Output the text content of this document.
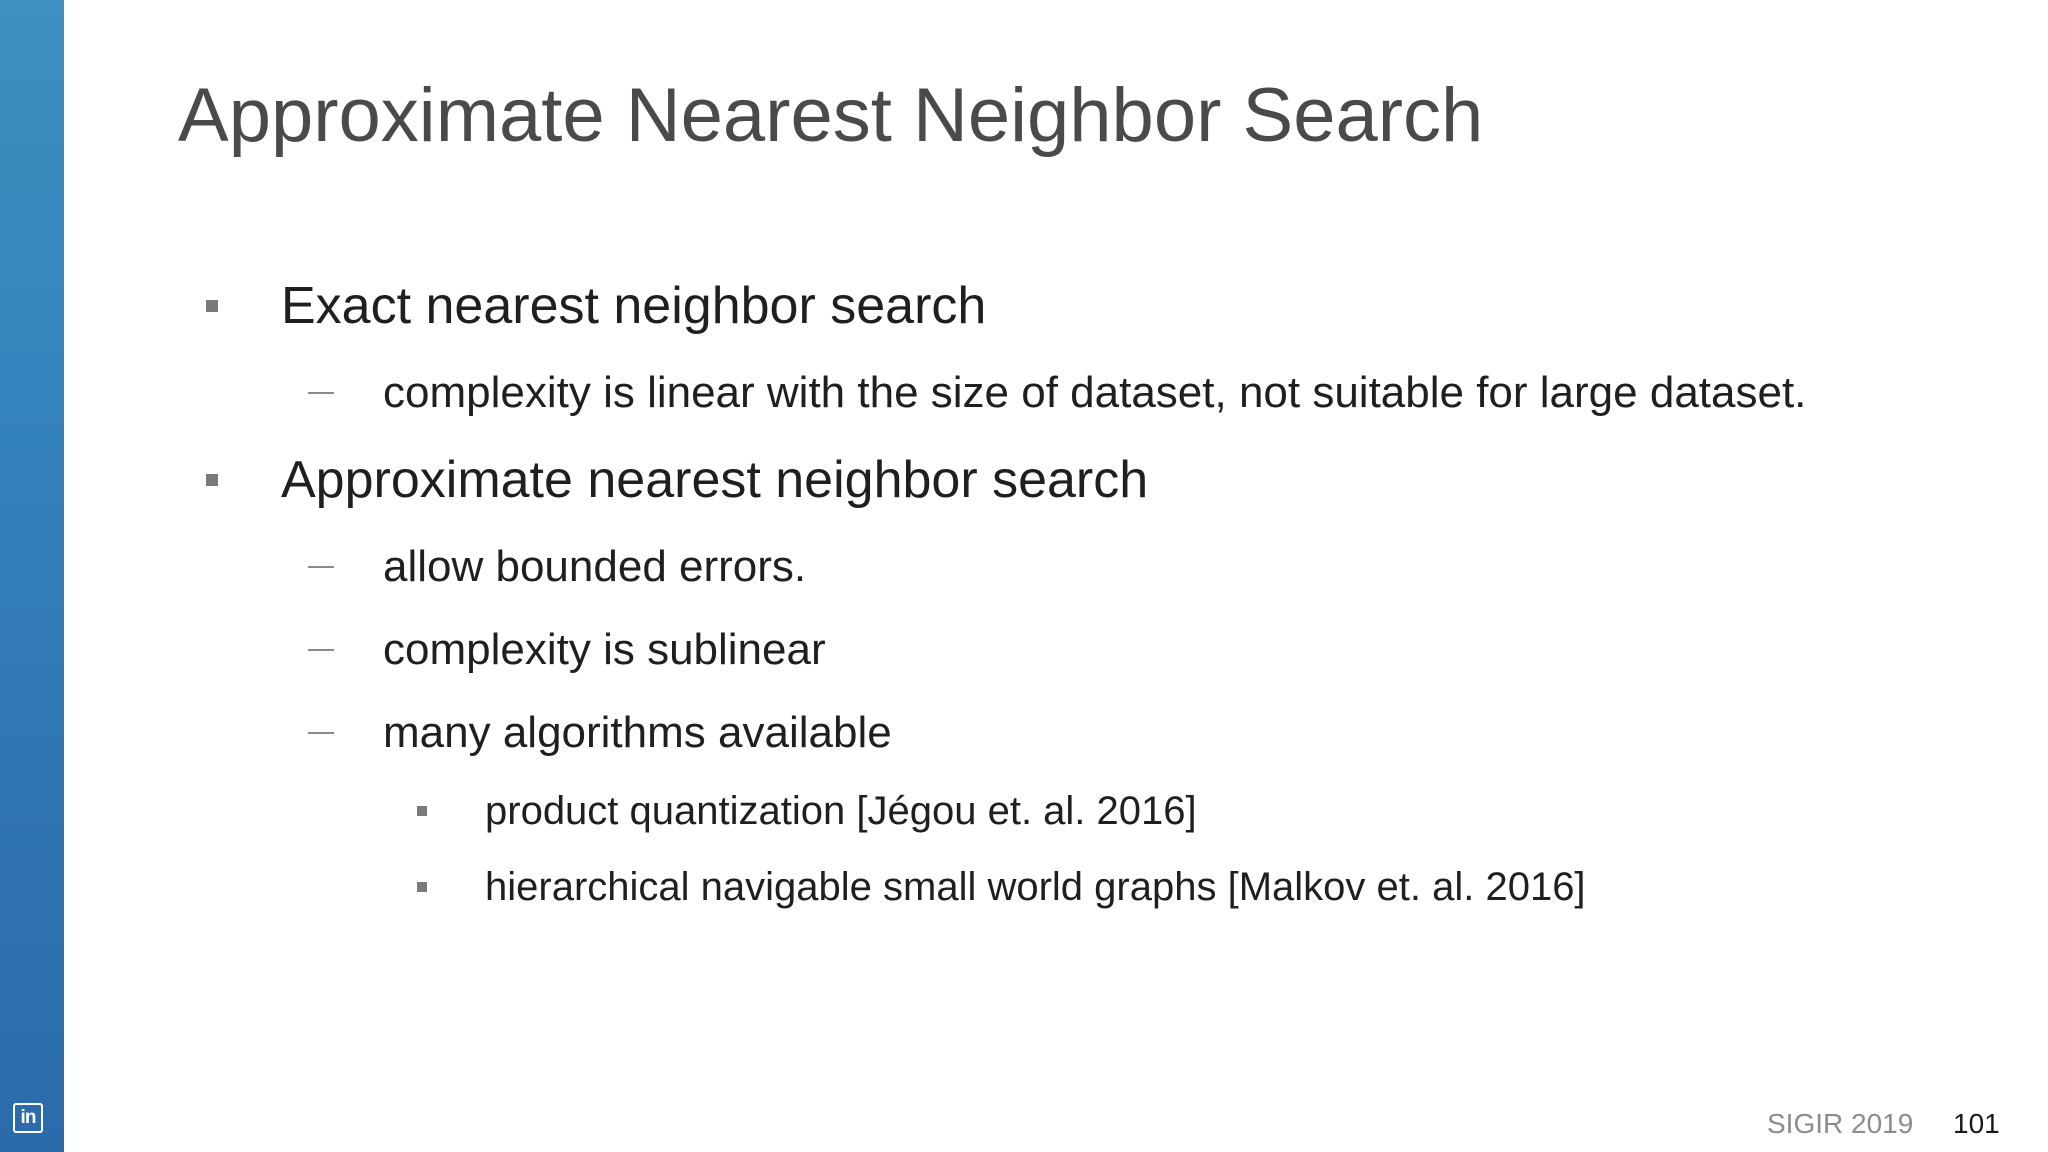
in
Approximate Nearest Neighbor Search
Exact nearest neighbor search
complexity is linear with the size of dataset, not suitable for large dataset.
Approximate nearest neighbor search
allow bounded errors.
complexity is sublinear
many algorithms available
product quantization [Jégou et. al. 2016]
hierarchical navigable small world graphs [Malkov et. al. 2016]
SIGIR 2019 101
